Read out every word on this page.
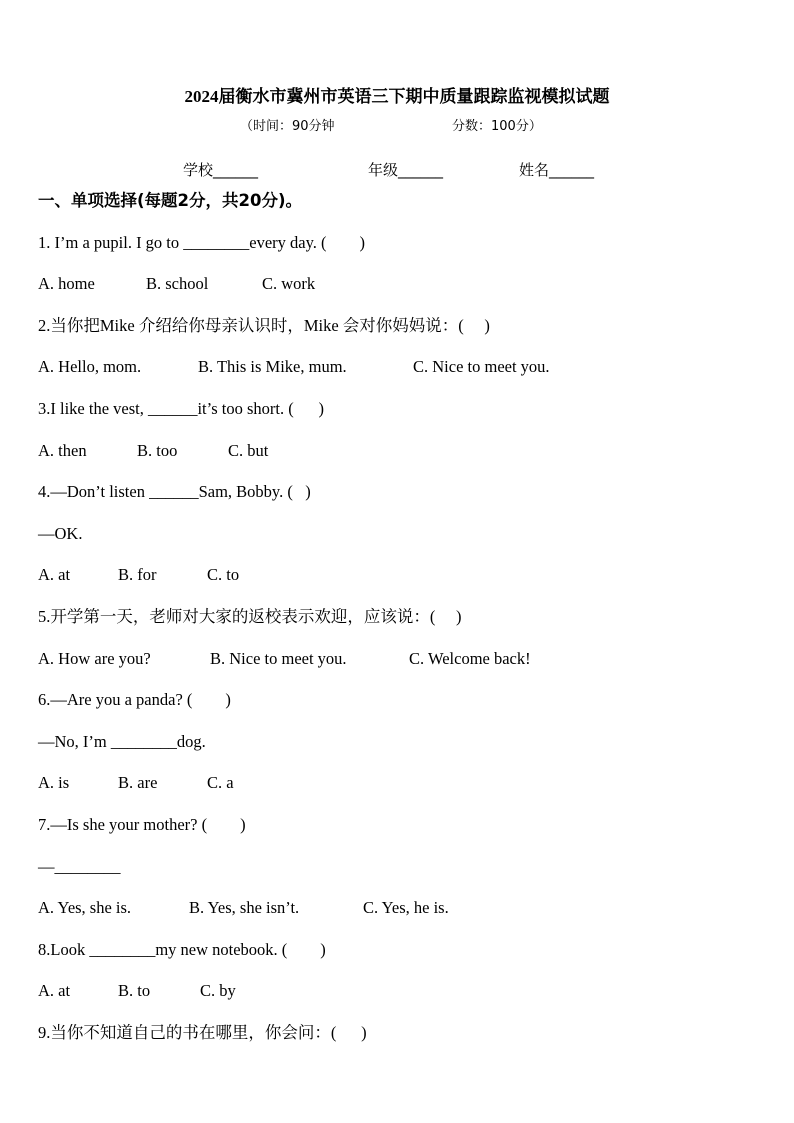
2024届衡水市冀州市英语三下期中质量跟踪监视模拟试题
（时间：90分钟	分数：100分）
学校______	年级______	姓名______
一、单项选择(每题2分，共20分)。
1. I’m a pupil. I go to ________every day. (        )
A. home	B. school	C. work
2.当你把Mike 介绍给你母亲认识时，Mike 会对你妈妈说：(     )
A. Hello, mom.	B. This is Mike, mum.	C. Nice to meet you.
3.I like the vest, ______it’s too short. (      )
A. then	B. too	C. but
4.—Don’t listen ______Sam, Bobby. (   )
—OK.
A. at	B. for	C. to
5.开学第一天，老师对大家的返校表示欢迎，应该说：(     )
A. How are you?	B. Nice to meet you.	C. Welcome back!
6.—Are you a panda? (        )
—No, I’m ________dog.
A. is	B. are	C. a
7.—Is she your mother? (        )
—________
A. Yes, she is.	B. Yes, she isn’t.	C. Yes, he is.
8.Look ________my new notebook. (        )
A. at	B. to	C. by
9.当你不知道自己的书在哪里，你会问：(      )
